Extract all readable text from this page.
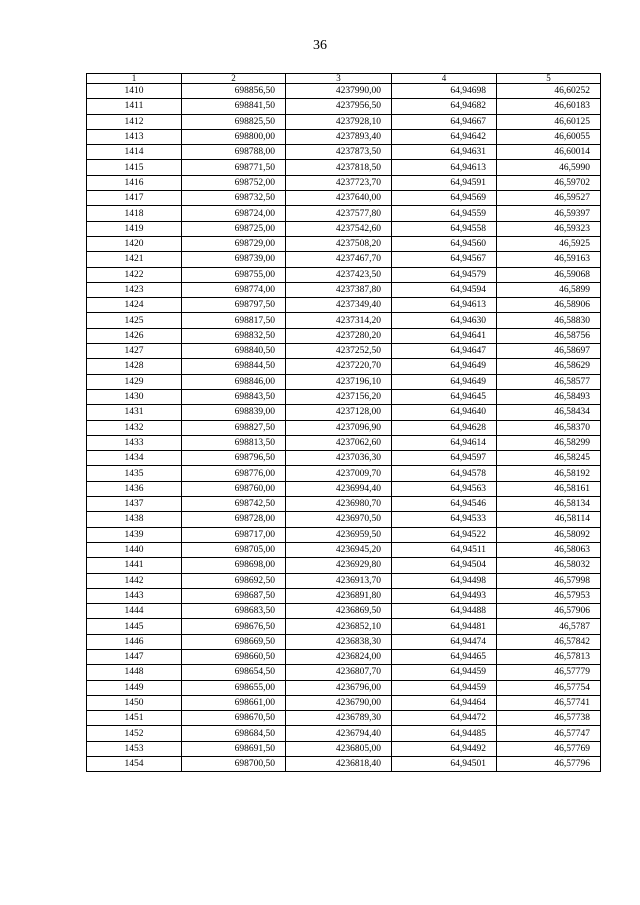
36
1	2	3	4	5
1410	698856,50	4237990,00	64,94698	46,60252
1411	698841,50	4237956,50	64,94682	46,60183
1412	698825,50	4237928,10	64,94667	46,60125
1413	698800,00	4237893,40	64,94642	46,60055
1414	698788,00	4237873,50	64,94631	46,60014
1415	698771,50	4237818,50	64,94613	46,5990
1416	698752,00	4237723,70	64,94591	46,59702
1417	698732,50	4237640,00	64,94569	46,59527
1418	698724,00	4237577,80	64,94559	46,59397
1419	698725,00	4237542,60	64,94558	46,59323
1420	698729,00	4237508,20	64,94560	46,5925
1421	698739,00	4237467,70	64,94567	46,59163
1422	698755,00	4237423,50	64,94579	46,59068
1423	698774,00	4237387,80	64,94594	46,5899
1424	698797,50	4237349,40	64,94613	46,58906
1425	698817,50	4237314,20	64,94630	46,58830
1426	698832,50	4237280,20	64,94641	46,58756
1427	698840,50	4237252,50	64,94647	46,58697
1428	698844,50	4237220,70	64,94649	46,58629
1429	698846,00	4237196,10	64,94649	46,58577
1430	698843,50	4237156,20	64,94645	46,58493
1431	698839,00	4237128,00	64,94640	46,58434
1432	698827,50	4237096,90	64,94628	46,58370
1433	698813,50	4237062,60	64,94614	46,58299
1434	698796,50	4237036,30	64,94597	46,58245
1435	698776,00	4237009,70	64,94578	46,58192
1436	698760,00	4236994,40	64,94563	46,58161
1437	698742,50	4236980,70	64,94546	46,58134
1438	698728,00	4236970,50	64,94533	46,58114
1439	698717,00	4236959,50	64,94522	46,58092
1440	698705,00	4236945,20	64,94511	46,58063
1441	698698,00	4236929,80	64,94504	46,58032
1442	698692,50	4236913,70	64,94498	46,57998
1443	698687,50	4236891,80	64,94493	46,57953
1444	698683,50	4236869,50	64,94488	46,57906
1445	698676,50	4236852,10	64,94481	46,5787
1446	698669,50	4236838,30	64,94474	46,57842
1447	698660,50	4236824,00	64,94465	46,57813
1448	698654,50	4236807,70	64,94459	46,57779
1449	698655,00	4236796,00	64,94459	46,57754
1450	698661,00	4236790,00	64,94464	46,57741
1451	698670,50	4236789,30	64,94472	46,57738
1452	698684,50	4236794,40	64,94485	46,57747
1453	698691,50	4236805,00	64,94492	46,57769
1454	698700,50	4236818,40	64,94501	46,57796
